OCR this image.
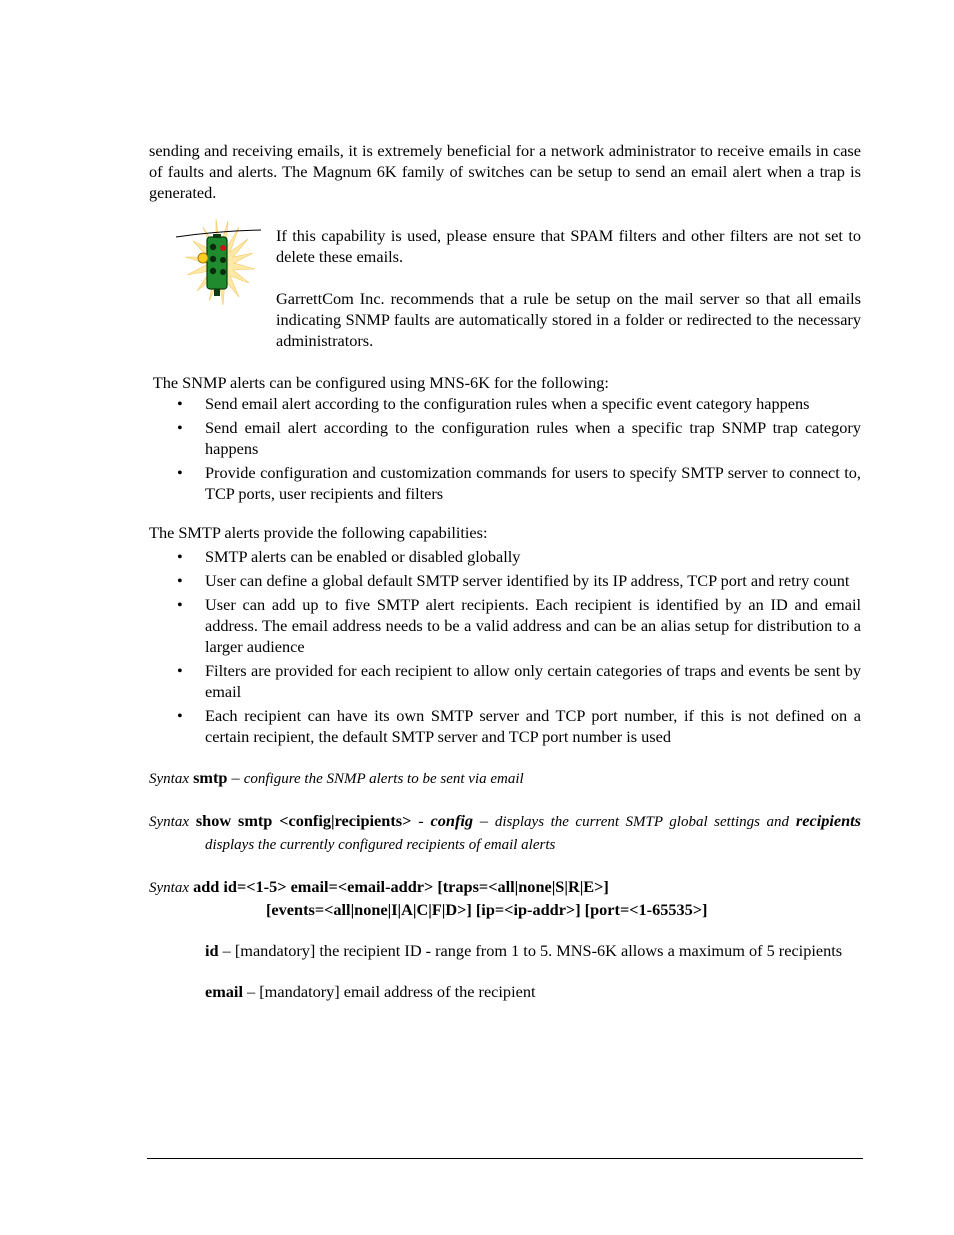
sending and receiving emails, it is extremely beneficial for a network administrator to receive emails in case of faults and alerts. The Magnum 6K family of switches can be setup to send an email alert when a trap is generated.

If this capability is used, please ensure that SPAM filters and other filters are not set to delete these emails.

GarrettCom Inc. recommends that a rule be setup on the mail server so that all emails indicating SNMP faults are automatically stored in a folder or redirected to the necessary administrators.

The SNMP alerts can be configured using MNS-6K for the following:

• Send email alert according to the configuration rules when a specific event category happens
• Send email alert according to the configuration rules when a specific trap SNMP trap category happens
• Provide configuration and customization commands for users to specify SMTP server to connect to, TCP ports, user recipients and filters

The SMTP alerts provide the following capabilities:

• SMTP alerts can be enabled or disabled globally
• User can define a global default SMTP server identified by its IP address, TCP port and retry count
• User can add up to five SMTP alert recipients. Each recipient is identified by an ID and email address. The email address needs to be a valid address and can be an alias setup for distribution to a larger audience
• Filters are provided for each recipient to allow only certain categories of traps and events be sent by email
• Each recipient can have its own SMTP server and TCP port number, if this is not defined on a certain recipient, the default SMTP server and TCP port number is used

Syntax smtp – configure the SNMP alerts to be sent via email

Syntax show smtp <config|recipients> - config – displays the current SMTP global settings and recipients displays the currently configured recipients of email alerts

Syntax add id=<1-5> email=<email-addr> [traps=<all|none|S|R|E>]

[events=<all|none|I|A|C|F|D>] [ip=<ip-addr>] [port=<1-65535>]

id – [mandatory] the recipient ID - range from 1 to 5. MNS-6K allows a maximum of 5 recipients

email – [mandatory] email address of the recipient
